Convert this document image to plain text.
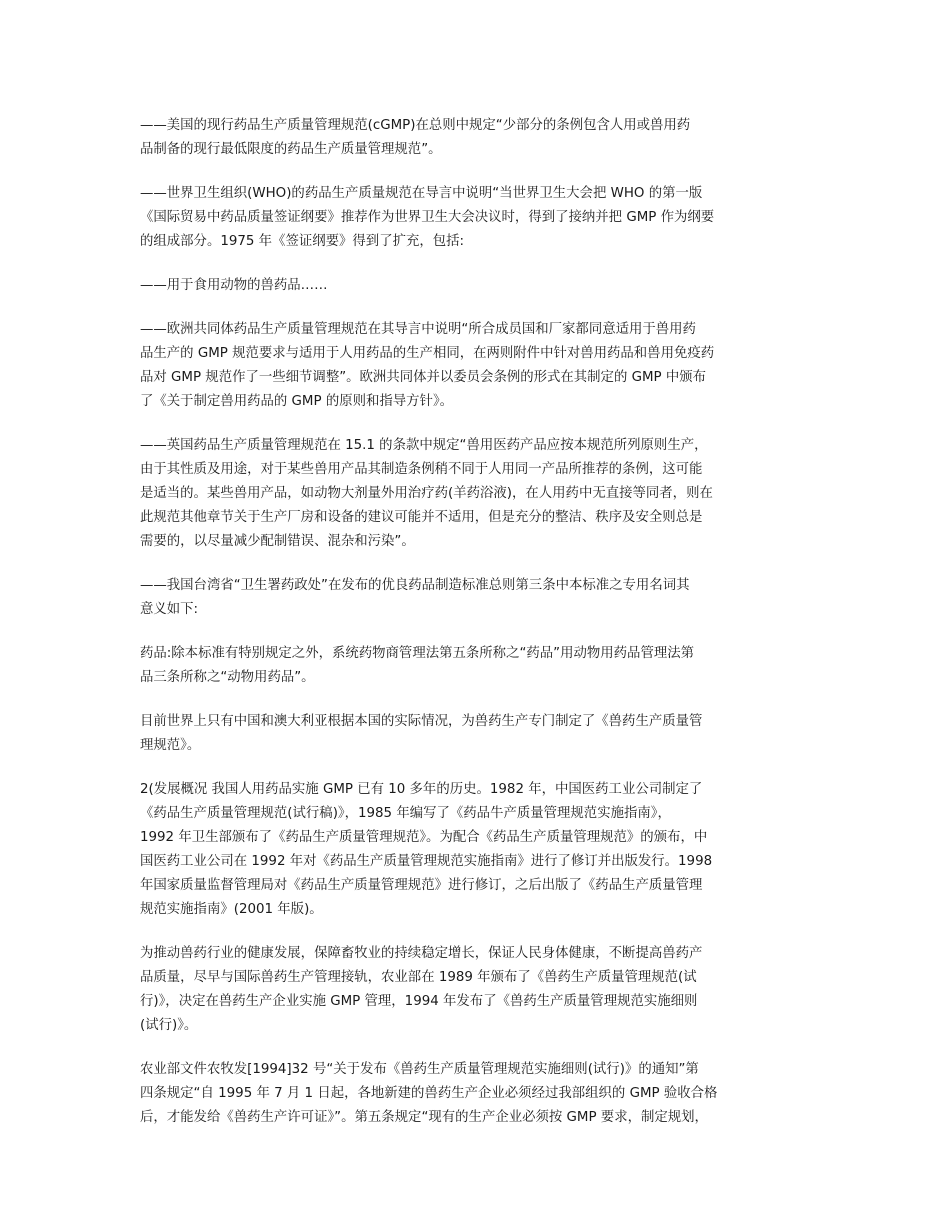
——美国的现行药品生产质量管理规范(cGMP)在总则中规定“少部分的条例包含人用或兽用药
品制备的现行最低限度的药品生产质量管理规范”。
——世界卫生组织(WHO)的药品生产质量规范在导言中说明“当世界卫生大会把 WHO 的第一版
《国际贸易中药品质量签证纲要》推荐作为世界卫生大会决议时，得到了接纳并把 GMP 作为纲要
的组成部分。1975 年《签证纲要》得到了扩充，包括:
——用于食用动物的兽药品……
——欧洲共同体药品生产质量管理规范在其导言中说明“所合成员国和厂家都同意适用于兽用药
品生产的 GMP 规范要求与适用于人用药品的生产相同，在两则附件中针对兽用药品和兽用免疫药
品对 GMP 规范作了一些细节调整”。欧洲共同体并以委员会条例的形式在其制定的 GMP 中颁布
了《关于制定兽用药品的 GMP 的原则和指导方针》。
——英国药品生产质量管理规范在 15.1 的条款中规定“兽用医药产品应按本规范所列原则生产，
由于其性质及用途，对于某些兽用产品其制造条例稍不同于人用同一产品所推荐的条例，这可能
是适当的。某些兽用产品，如动物大剂量外用治疗药(羊药浴液)，在人用药中无直接等同者，则在
此规范其他章节关于生产厂房和设备的建议可能并不适用，但是充分的整洁、秩序及安全则总是
需要的，以尽量减少配制错误、混杂和污染”。
——我国台湾省“卫生署药政处”在发布的优良药品制造标准总则第三条中本标准之专用名词其
意义如下:
药品:除本标准有特别规定之外，系统药物商管理法第五条所称之“药品”用动物用药品管理法第
品三条所称之“动物用药品”。
目前世界上只有中国和澳大利亚根据本国的实际情况，为兽药生产专门制定了《兽药生产质量管
理规范》。
2(发展概况 我国人用药品实施 GMP 已有 10 多年的历史。1982 年，中国医药工业公司制定了
《药品生产质量管理规范(试行稿)》，1985 年编写了《药品牛产质量管理规范实施指南》，
1992 年卫生部颁布了《药品生产质量管理规范》。为配合《药品生产质量管理规范》的颁布，中
国医药工业公司在 1992 年对《药品生产质量管理规范实施指南》进行了修订并出版发行。1998
年国家质量监督管理局对《药品生产质量管理规范》进行修订，之后出版了《药品生产质量管理
规范实施指南》(2001 年版)。
为推动兽药行业的健康发展，保障畜牧业的持续稳定增长，保证人民身体健康，不断提高兽药产
品质量，尽早与国际兽药生产管理接轨，农业部在 1989 年颁布了《兽药生产质量管理规范(试
行)》，决定在兽药生产企业实施 GMP 管理，1994 年发布了《兽药生产质量管理规范实施细则
(试行)》。
农业部文件农牧发[1994]32 号“关于发布《兽药生产质量管理规范实施细则(试行)》的通知”第
四条规定“自 1995 年 7 月 1 日起，各地新建的兽药生产企业必须经过我部组织的 GMP 验收合格
后，才能发给《兽药生产许可证》”。第五条规定“现有的生产企业必须按 GMP 要求，制定规划，
